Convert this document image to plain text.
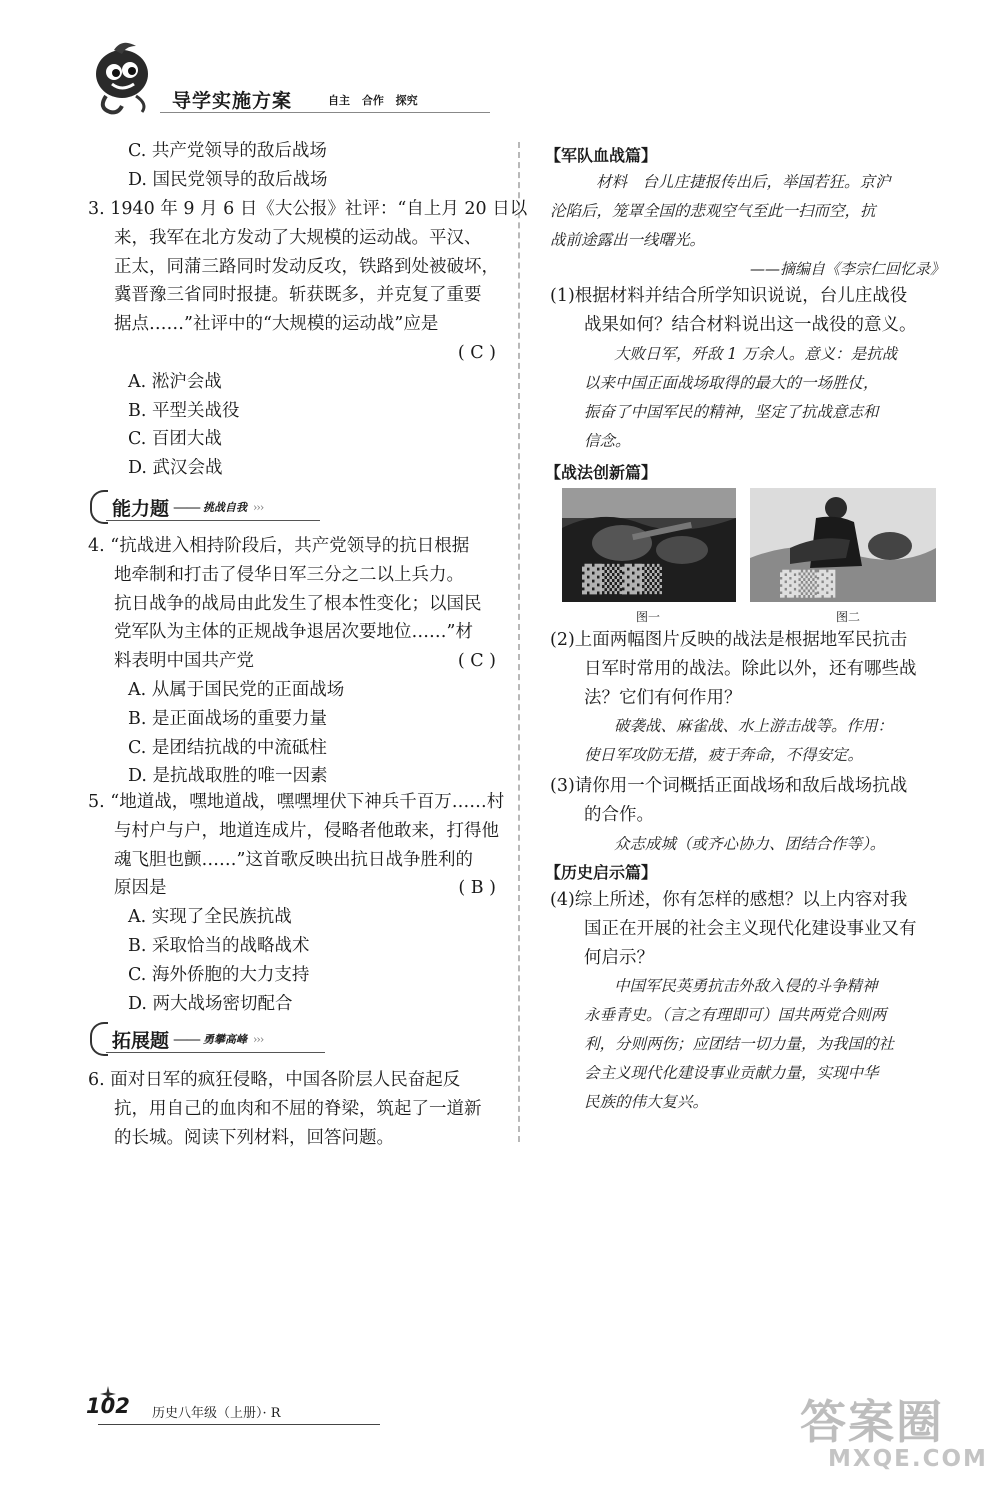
导学实施方案	自主 合作 探究
C. 共产党领导的敌后战场
D. 国民党领导的敌后战场
3. 1940 年 9 月 6 日《大公报》社评：“自上月 20 日以
来，我军在北方发动了大规模的运动战。平汉、
正太，同蒲三路同时发动反攻，铁路到处被破坏，
冀晋豫三省同时报捷。斩获既多，并克复了重要
据点……”社评中的“大规模的运动战”应是
( C )
A. 淞沪会战
B. 平型关战役
C. 百团大战
D. 武汉会战
能力题 —— 挑战自我 ›››
4. “抗战进入相持阶段后，共产党领导的抗日根据
地牵制和打击了侵华日军三分之二以上兵力。
抗日战争的战局由此发生了根本性变化；以国民
党军队为主体的正规战争退居次要地位……”材
料表明中国共产党	( C )
A. 从属于国民党的正面战场
B. 是正面战场的重要力量
C. 是团结抗战的中流砥柱
D. 是抗战取胜的唯一因素
5. “地道战，嘿地道战，嘿嘿埋伏下神兵千百万……村
与村户与户，地道连成片，侵略者他敢来，打得他
魂飞胆也颤……”这首歌反映出抗日战争胜利的
原因是	( B )
A. 实现了全民族抗战
B. 采取恰当的战略战术
C. 海外侨胞的大力支持
D. 两大战场密切配合
拓展题 —— 勇攀高峰 ›››
6. 面对日军的疯狂侵略，中国各阶层人民奋起反
抗，用自己的血肉和不屈的脊梁，筑起了一道新
的长城。阅读下列材料，回答问题。
【军队血战篇】
材料　台儿庄捷报传出后，举国若狂。京沪
沦陷后，笼罩全国的悲观空气至此一扫而空，抗
战前途露出一线曙光。
——摘编自《李宗仁回忆录》
(1)根据材料并结合所学知识说说，台儿庄战役
战果如何？结合材料说出这一战役的意义。
大败日军，歼敌 1 万余人。意义：是抗战
以来中国正面战场取得的最大的一场胜仗，
振奋了中国军民的精神，坚定了抗战意志和
信念。
【战法创新篇】
▓▒▓▒
图一
▓▒▓
图二
(2)上面两幅图片反映的战法是根据地军民抗击
日军时常用的战法。除此以外，还有哪些战
法？它们有何作用？
破袭战、麻雀战、水上游击战等。作用：
使日军攻防无措，疲于奔命，不得安定。
(3)请你用一个词概括正面战场和敌后战场抗战
的合作。
众志成城（或齐心协力、团结合作等）。
【历史启示篇】
(4)综上所述，你有怎样的感想？以上内容对我
国正在开展的社会主义现代化建设事业又有
何启示？
中国军民英勇抗击外敌入侵的斗争精神
永垂青史。（言之有理即可）国共两党合则两
利，分则两伤；应团结一切力量，为我国的社
会主义现代化建设事业贡献力量，实现中华
民族的伟大复兴。
102 历史八年级（上册）· R	答案圈
MXQE.COM
